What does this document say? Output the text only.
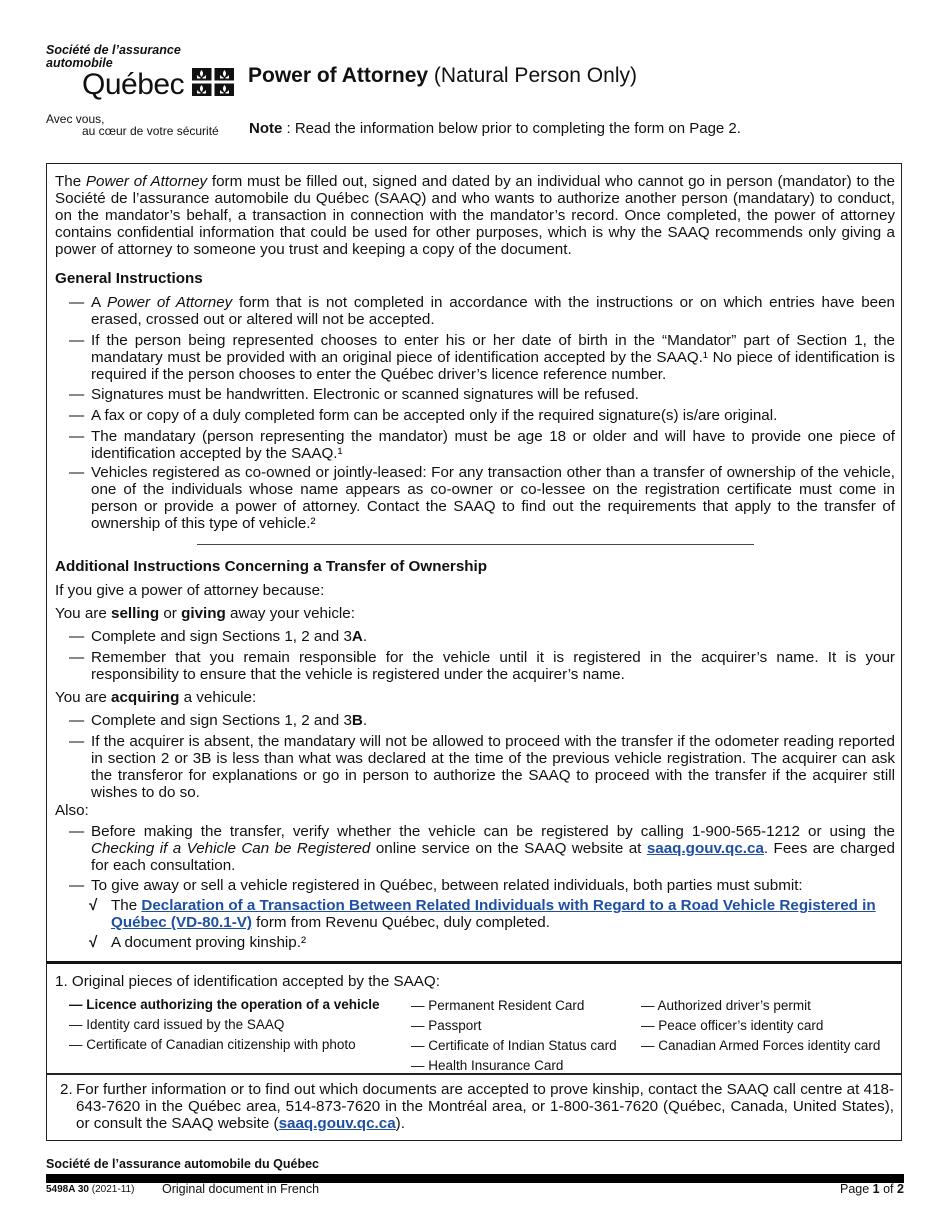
Société de l’assurance
automobile
Québec
Avec vous,
au cœur de votre sécurité
Power of Attorney (Natural Person Only)
Note : Read the information below prior to completing the form on Page 2.
The Power of Attorney form must be filled out, signed and dated by an individual who cannot go in person (mandator) to the Société de l’assurance automobile du Québec (SAAQ) and who wants to authorize another person (mandatary) to conduct, on the mandator’s behalf, a transaction in connection with the mandator’s record. Once completed, the power of attorney contains confidential information that could be used for other purposes, which is why the SAAQ recommends only giving a power of attorney to someone you trust and keeping a copy of the document.
General Instructions
— A Power of Attorney form that is not completed in accordance with the instructions or on which entries have been erased, crossed out or altered will not be accepted.
— If the person being represented chooses to enter his or her date of birth in the “Mandator” part of Section 1, the mandatary must be provided with an original piece of identification accepted by the SAAQ.¹ No piece of identification is required if the person chooses to enter the Québec driver’s licence reference number.
— Signatures must be handwritten. Electronic or scanned signatures will be refused.
— A fax or copy of a duly completed form can be accepted only if the required signature(s) is/are original.
— The mandatary (person representing the mandator) must be age 18 or older and will have to provide one piece of identification accepted by the SAAQ.¹
— Vehicles registered as co-owned or jointly-leased: For any transaction other than a transfer of ownership of the vehicle, one of the individuals whose name appears as co-owner or co-lessee on the registration certificate must come in person or provide a power of attorney. Contact the SAAQ to find out the requirements that apply to the transfer of ownership of this type of vehicle.²
Additional Instructions Concerning a Transfer of Ownership
If you give a power of attorney because:
You are selling or giving away your vehicle:
— Complete and sign Sections 1, 2 and 3A.
— Remember that you remain responsible for the vehicle until it is registered in the acquirer’s name. It is your responsibility to ensure that the vehicle is registered under the acquirer’s name.
You are acquiring a vehicule:
— Complete and sign Sections 1, 2 and 3B.
— If the acquirer is absent, the mandatary will not be allowed to proceed with the transfer if the odometer reading reported in section 2 or 3B is less than what was declared at the time of the previous vehicle registration. The acquirer can ask the transferor for explanations or go in person to authorize the SAAQ to proceed with the transfer if the acquirer still wishes to do so.
Also:
— Before making the transfer, verify whether the vehicle can be registered by calling 1-900-565-1212 or using the Checking if a Vehicle Can be Registered online service on the SAAQ website at saaq.gouv.qc.ca. Fees are charged for each consultation.
— To give away or sell a vehicle registered in Québec, between related individuals, both parties must submit:
√ The Declaration of a Transaction Between Related Individuals with Regard to a Road Vehicle Registered in Québec (VD-80.1-V) form from Revenu Québec, duly completed.
√ A document proving kinship.²
1. Original pieces of identification accepted by the SAAQ:
— Licence authorizing the operation of a vehicle
— Identity card issued by the SAAQ
— Certificate of Canadian citizenship with photo
— Permanent Resident Card
— Passport
— Certificate of Indian Status card
— Health Insurance Card
— Authorized driver’s permit
— Peace officer’s identity card
— Canadian Armed Forces identity card
2. For further information or to find out which documents are accepted to prove kinship, contact the SAAQ call centre at 418-643-7620 in the Québec area, 514-873-7620 in the Montréal area, or 1-800-361-7620 (Québec, Canada, United States), or consult the SAAQ website (saaq.gouv.qc.ca).
Société de l’assurance automobile du Québec
5498A 30 (2021-11) Original document in French	Page 1 of 2
